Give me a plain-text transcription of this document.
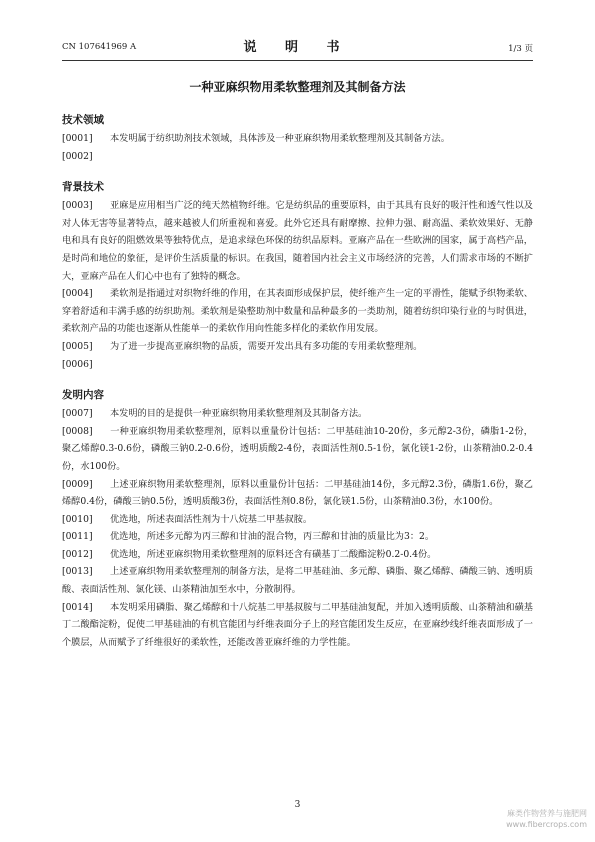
CN 107641969 A	说 明 书	1/3 页
一种亚麻织物用柔软整理剂及其制备方法
技术领域
[0001] 本发明属于纺织助剂技术领域，具体涉及一种亚麻织物用柔软整理剂及其制备方法。
[0002]
背景技术
[0003] 亚麻是应用相当广泛的纯天然植物纤维。它是纺织品的重要原料，由于其具有良好的吸汗性和透气性以及对人体无害等显著特点，越来越被人们所重视和喜爱。此外它还具有耐摩擦、拉伸力强、耐高温、柔软效果好、无静电和具有良好的阻燃效果等独特优点，是追求绿色环保的纺织品原料。亚麻产品在一些欧洲的国家，属于高档产品，是时尚和地位的象征，是评价生活质量的标识。在我国，随着国内社会主义市场经济的完善，人们需求市场的不断扩大，亚麻产品在人们心中也有了独特的概念。
[0004] 柔软剂是指通过对织物纤维的作用，在其表面形成保护层，使纤维产生一定的平滑性，能赋予织物柔软、穿着舒适和丰满手感的纺织助剂。柔软剂是染整助剂中数量和品种最多的一类助剂，随着纺织印染行业的与时俱进，柔软剂产品的功能也逐渐从性能单一的柔软作用向性能多样化的柔软作用发展。
[0005] 为了进一步提高亚麻织物的品质，需要开发出具有多功能的专用柔软整理剂。
[0006]
发明内容
[0007] 本发明的目的是提供一种亚麻织物用柔软整理剂及其制备方法。
[0008] 一种亚麻织物用柔软整理剂，原料以重量份计包括：二甲基硅油10-20份，多元醇2-3份，磷脂1-2份，聚乙烯醇0.3-0.6份，磷酸三钠0.2-0.6份，透明质酸2-4份，表面活性剂0.5-1份，氯化镁1-2份，山茶精油0.2-0.4份，水100份。
[0009] 上述亚麻织物用柔软整理剂，原料以重量份计包括：二甲基硅油14份，多元醇2.3份，磷脂1.6份，聚乙烯醇0.4份，磷酸三钠0.5份，透明质酸3份，表面活性剂0.8份，氯化镁1.5份，山茶精油0.3份，水100份。
[0010] 优选地，所述表面活性剂为十八烷基二甲基叔胺。
[0011] 优选地，所述多元醇为丙三醇和甘油的混合物，丙三醇和甘油的质量比为3：2。
[0012] 优选地，所述亚麻织物用柔软整理剂的原料还含有磺基丁二酸酯淀粉0.2-0.4份。
[0013] 上述亚麻织物用柔软整理剂的制备方法，是将二甲基硅油、多元醇、磷脂、聚乙烯醇、磷酸三钠、透明质酸、表面活性剂、氯化镁、山茶精油加至水中，分散制得。
[0014] 本发明采用磷脂、聚乙烯醇和十八烷基二甲基叔胺与二甲基硅油复配，并加入透明质酸、山茶精油和磺基丁二酸酯淀粉，促使二甲基硅油的有机官能团与纤维表面分子上的羟官能团发生反应，在亚麻纱线纤维表面形成了一个膜层，从而赋予了纤维很好的柔软性，还能改善亚麻纤维的力学性能。
3
麻类作物营养与施肥网
www.fibercrops.com
